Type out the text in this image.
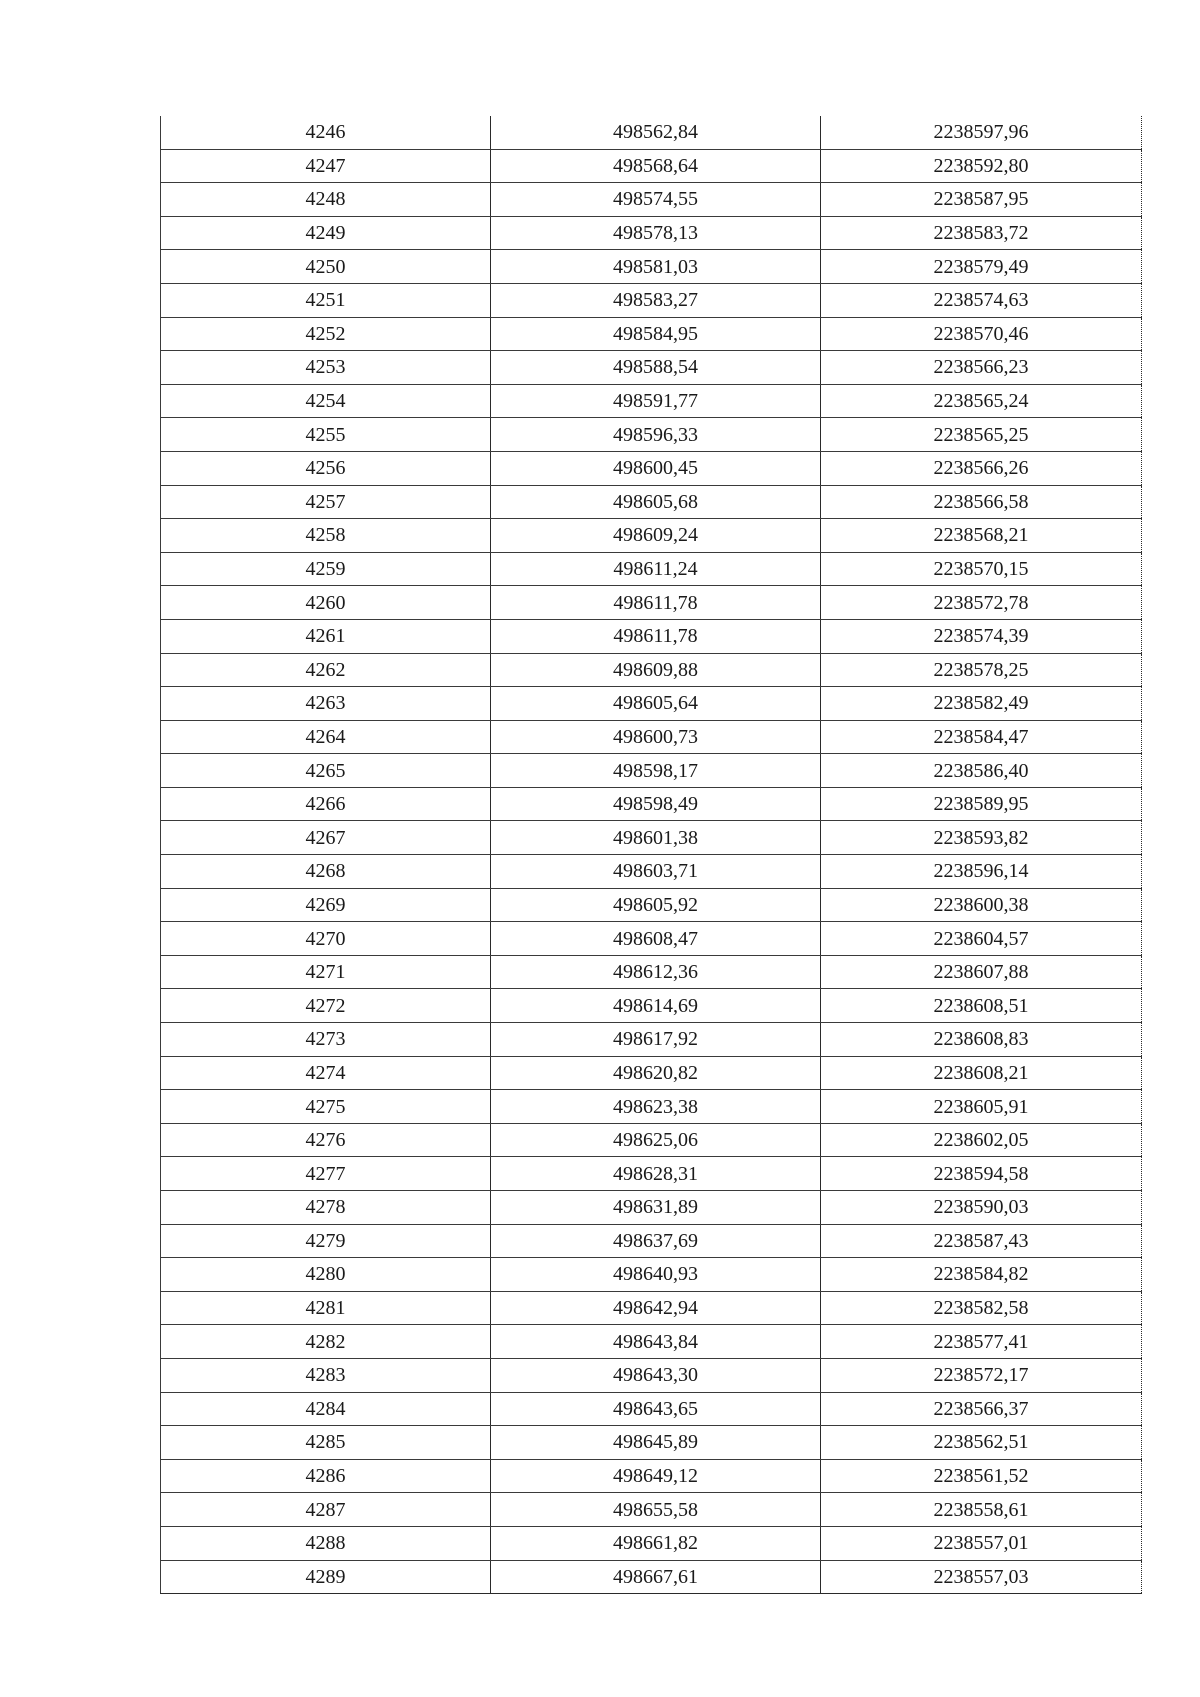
4246	498562,84	2238597,96
4247	498568,64	2238592,80
4248	498574,55	2238587,95
4249	498578,13	2238583,72
4250	498581,03	2238579,49
4251	498583,27	2238574,63
4252	498584,95	2238570,46
4253	498588,54	2238566,23
4254	498591,77	2238565,24
4255	498596,33	2238565,25
4256	498600,45	2238566,26
4257	498605,68	2238566,58
4258	498609,24	2238568,21
4259	498611,24	2238570,15
4260	498611,78	2238572,78
4261	498611,78	2238574,39
4262	498609,88	2238578,25
4263	498605,64	2238582,49
4264	498600,73	2238584,47
4265	498598,17	2238586,40
4266	498598,49	2238589,95
4267	498601,38	2238593,82
4268	498603,71	2238596,14
4269	498605,92	2238600,38
4270	498608,47	2238604,57
4271	498612,36	2238607,88
4272	498614,69	2238608,51
4273	498617,92	2238608,83
4274	498620,82	2238608,21
4275	498623,38	2238605,91
4276	498625,06	2238602,05
4277	498628,31	2238594,58
4278	498631,89	2238590,03
4279	498637,69	2238587,43
4280	498640,93	2238584,82
4281	498642,94	2238582,58
4282	498643,84	2238577,41
4283	498643,30	2238572,17
4284	498643,65	2238566,37
4285	498645,89	2238562,51
4286	498649,12	2238561,52
4287	498655,58	2238558,61
4288	498661,82	2238557,01
4289	498667,61	2238557,03
